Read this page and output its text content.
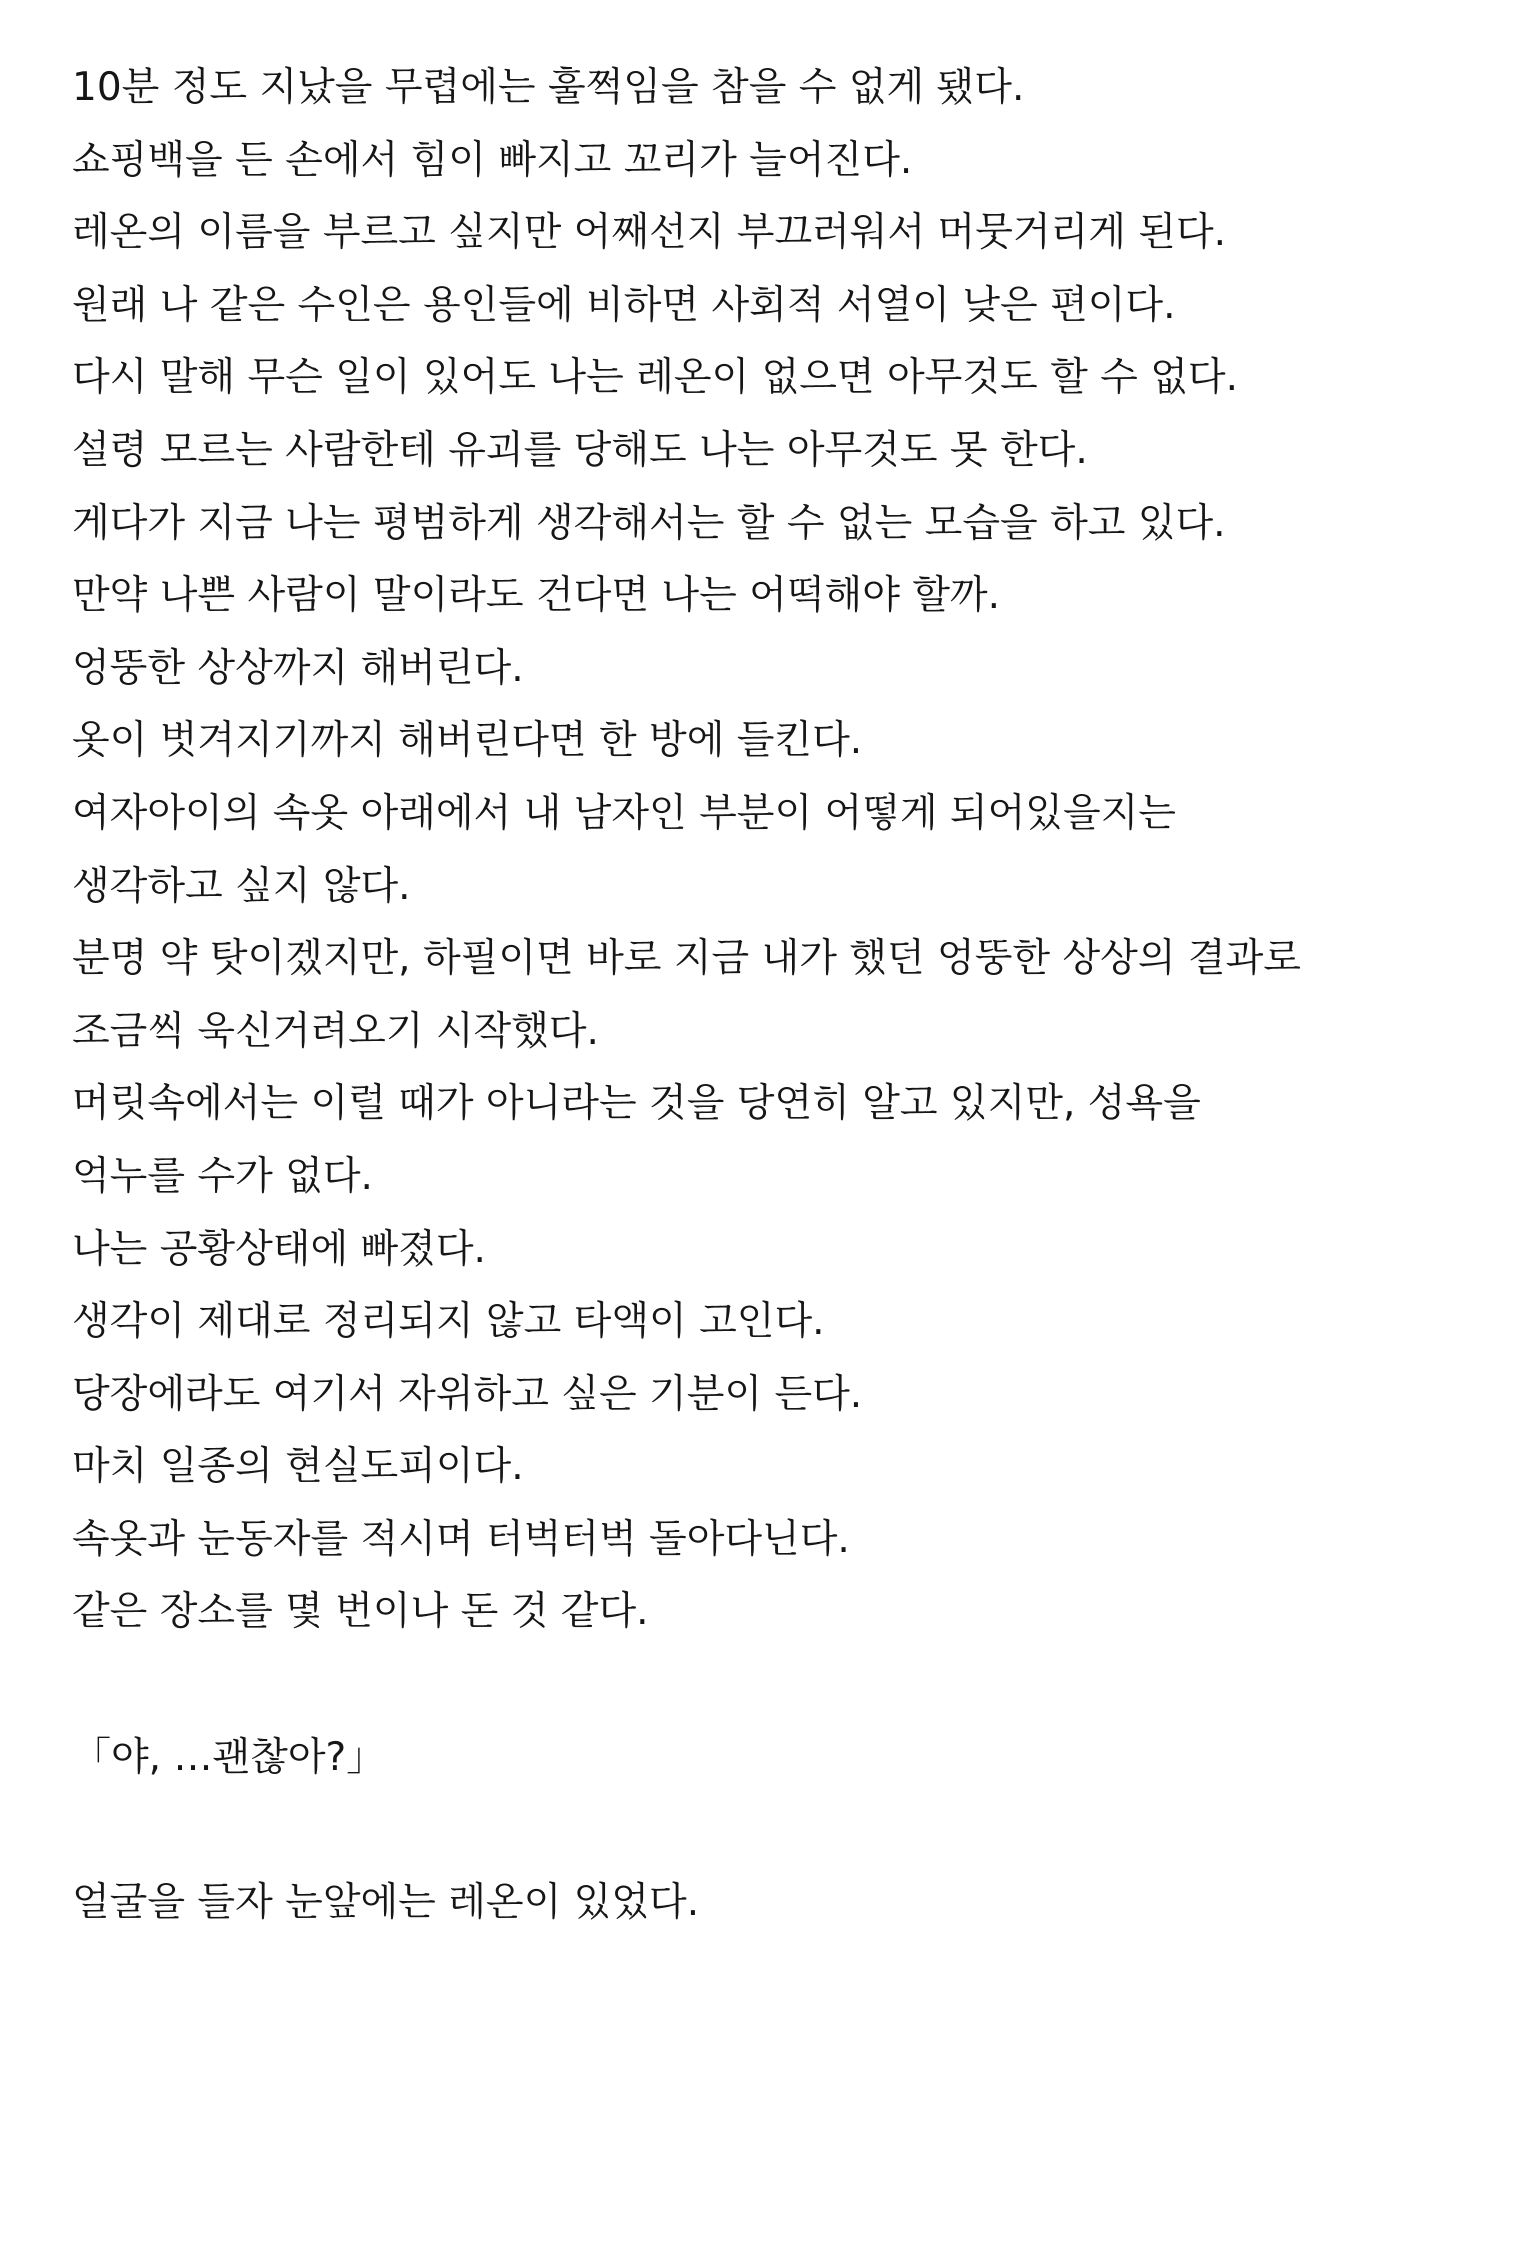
10분 정도 지났을 무렵에는 훌쩍임을 참을 수 없게 됐다.
쇼핑백을 든 손에서 힘이 빠지고 꼬리가 늘어진다.
레온의 이름을 부르고 싶지만 어째선지 부끄러워서 머뭇거리게 된다.
원래 나 같은 수인은 용인들에 비하면 사회적 서열이 낮은 편이다.
다시 말해 무슨 일이 있어도 나는 레온이 없으면 아무것도 할 수 없다.
설령 모르는 사람한테 유괴를 당해도 나는 아무것도 못 한다.
게다가 지금 나는 평범하게 생각해서는 할 수 없는 모습을 하고 있다.
만약 나쁜 사람이 말이라도 건다면 나는 어떡해야 할까.
엉뚱한 상상까지 해버린다.
옷이 벗겨지기까지 해버린다면 한 방에 들킨다.
여자아이의 속옷 아래에서 내 남자인 부분이 어떻게 되어있을지는
생각하고 싶지 않다.
분명 약 탓이겠지만, 하필이면 바로 지금 내가 했던 엉뚱한 상상의 결과로
조금씩 욱신거려오기 시작했다.
머릿속에서는 이럴 때가 아니라는 것을 당연히 알고 있지만, 성욕을
억누를 수가 없다.
나는 공황상태에 빠졌다.
생각이 제대로 정리되지 않고 타액이 고인다.
당장에라도 여기서 자위하고 싶은 기분이 든다.
마치 일종의 현실도피이다.
속옷과 눈동자를 적시며 터벅터벅 돌아다닌다.
같은 장소를 몇 번이나 돈 것 같다.
「야, …괜찮아?」
얼굴을 들자 눈앞에는 레온이 있었다.
